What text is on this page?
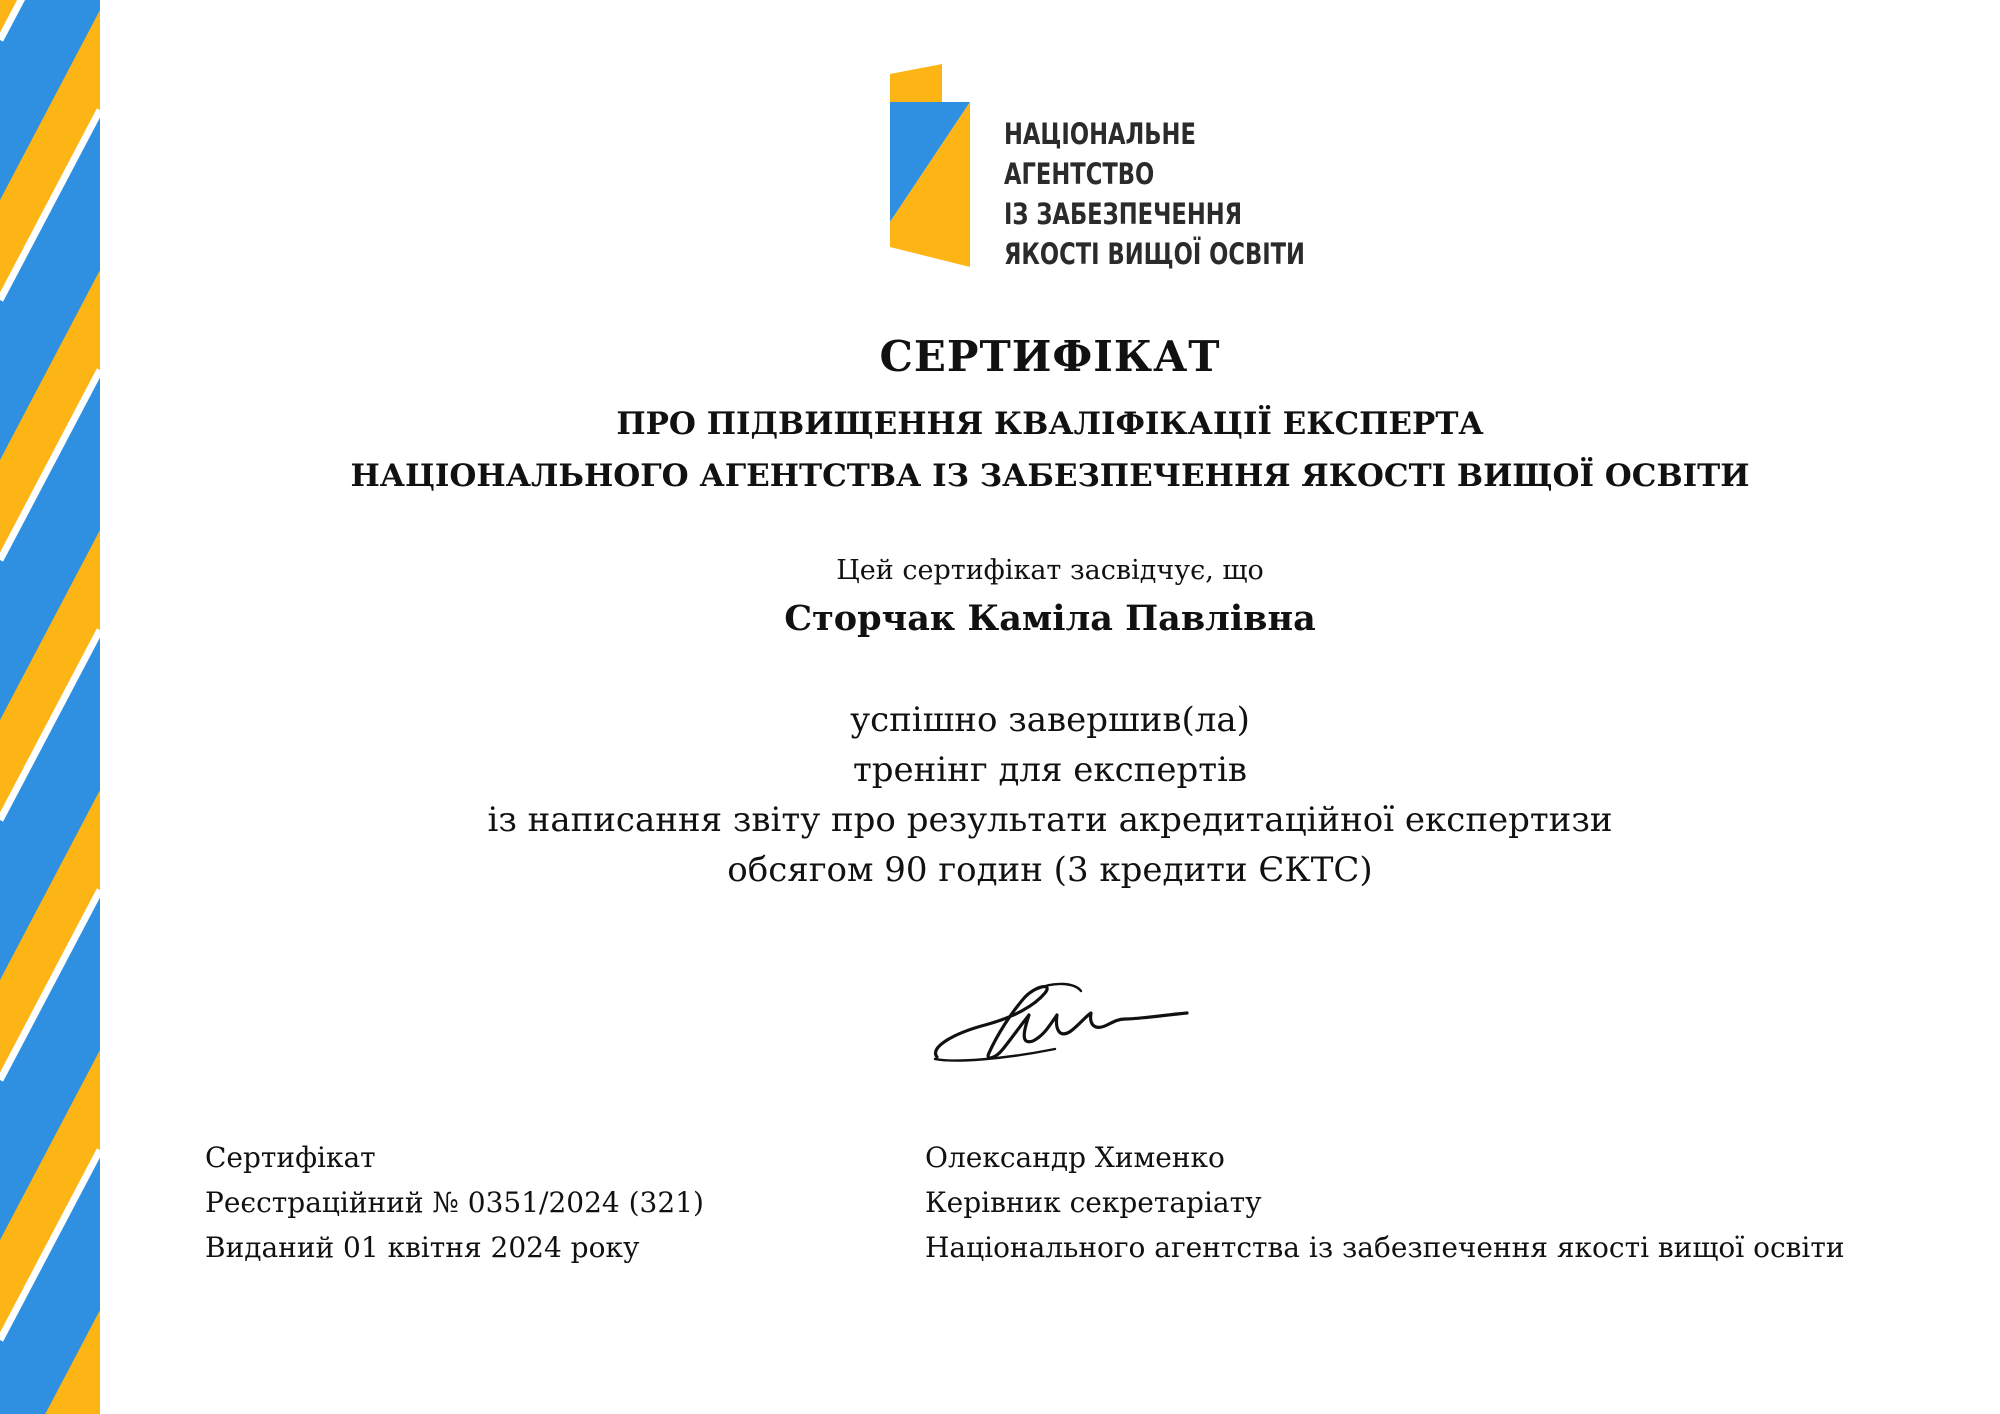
НАЦІОНАЛЬНЕ
АГЕНТСТВО
ІЗ ЗАБЕЗПЕЧЕННЯ
ЯКОСТІ ВИЩОЇ ОСВІТИ
СЕРТИФІКАТ
ПРО ПІДВИЩЕННЯ КВАЛІФІКАЦІЇ ЕКСПЕРТА
НАЦІОНАЛЬНОГО АГЕНТСТВА ІЗ ЗАБЕЗПЕЧЕННЯ ЯКОСТІ ВИЩОЇ ОСВІТИ
Цей сертифікат засвідчує, що
Сторчак Каміла Павлівна
успішно завершив(ла)
тренінг для експертів
із написання звіту про результати акредитаційної експертизи
обсягом 90 годин (3 кредити ЄКТС)
Сертифікат
Реєстраційний № 0351/2024 (321)
Виданий 01 квітня 2024 року
Олександр Хименко
Керівник секретаріату
Національного агентства із забезпечення якості вищої освіти
